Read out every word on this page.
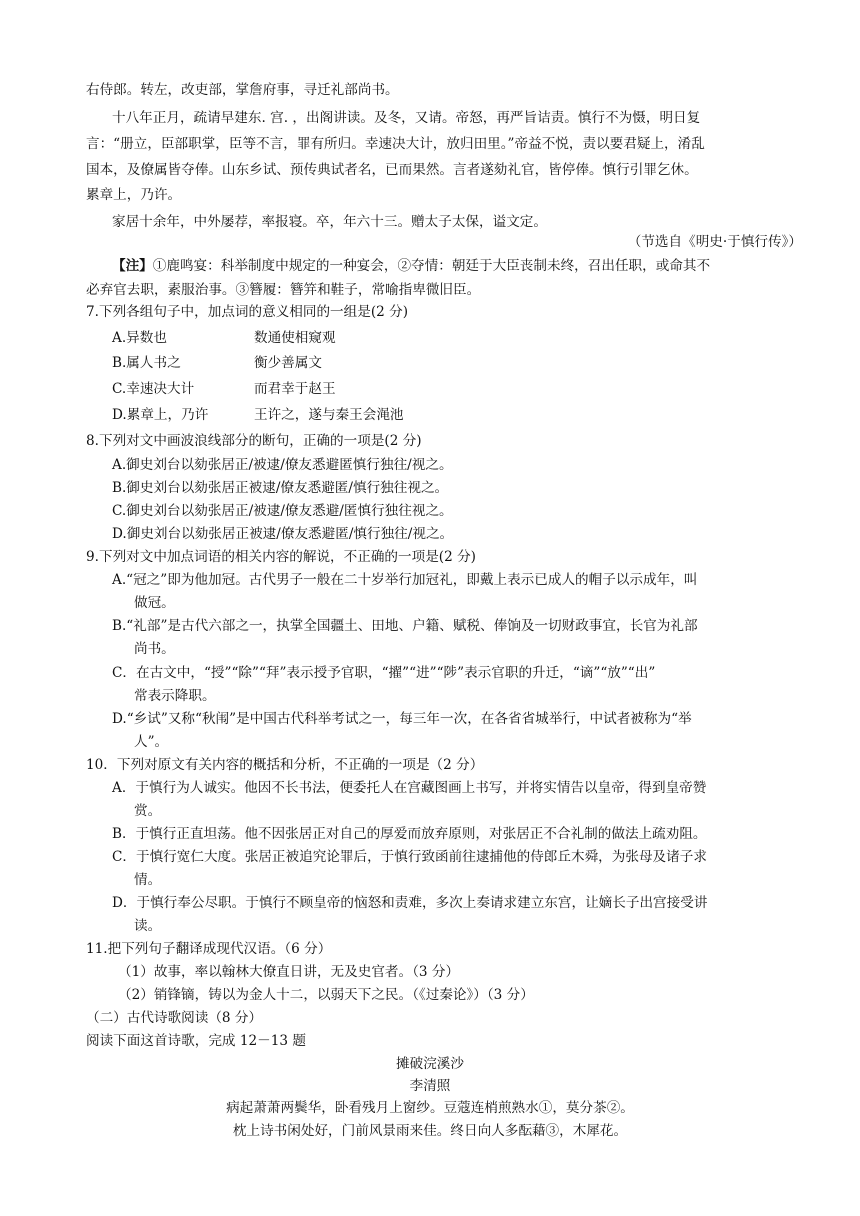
右侍郎。转左，改吏部，掌詹府事，寻迁礼部尚书。
十八年正月，疏请早建东. 宫. ，出阁讲读。及冬，又请。帝怒，再严旨诘责。慎行不为慑，明日复
言：“册立，臣部职掌，臣等不言，罪有所归。幸速决大计，放归田里。”帝益不悦，责以要君疑上，淆乱
国本，及僚属皆夺俸。山东乡试、预传典试者名，已而果然。言者遂劾礼官，皆停俸。慎行引罪乞休。
累章上，乃许。
家居十余年，中外屡荐，率报寝。卒，年六十三。赠太子太保，谥文定。
（节选自《明史·于慎行传》）
【注】①鹿鸣宴：科举制度中规定的一种宴会，②夺情：朝廷于大臣丧制未终，召出任职，或命其不
必弃官去职，素服治事。③簪履：簪笄和鞋子，常喻指卑微旧臣。
7.下列各组句子中，加点词的意义相同的一组是(2 分)
A.异数也	数通使相窥观
B.属人书之	衡少善属文
C.幸速决大计	而君幸于赵王
D.累章上，乃许	王许之，遂与秦王会渑池
8.下列对文中画波浪线部分的断句，正确的一项是(2 分)
A.御史刘台以劾张居正/被逮/僚友悉避匿慎行独往/视之。
B.御史刘台以劾张居正被逮/僚友悉避匿/慎行独往视之。
C.御史刘台以劾张居正/被逮/僚友悉避/匿慎行独往视之。
D.御史刘台以劾张居正被逮/僚友悉避匿/慎行独往/视之。
9.下列对文中加点词语的相关内容的解说，不正确的一项是(2 分)
A.“冠之”即为他加冠。古代男子一般在二十岁举行加冠礼，即戴上表示已成人的帽子以示成年，叫
做冠。
B.“礼部”是古代六部之一，执掌全国疆土、田地、户籍、赋税、俸饷及一切财政事宜，长官为礼部
尚书。
C．在古文中，“授”“除”“拜”表示授予官职，“擢”“进”“陟”表示官职的升迁，“谪”“放”“出”
常表示降职。
D.“乡试”又称“秋闱”是中国古代科举考试之一，每三年一次，在各省省城举行，中试者被称为“举
人”。
10．下列对原文有关内容的概括和分析，不正确的一项是（2 分）
A．于慎行为人诚实。他因不长书法，便委托人在宫藏图画上书写，并将实情告以皇帝，得到皇帝赞
赏。
B．于慎行正直坦荡。他不因张居正对自己的厚爱而放弃原则，对张居正不合礼制的做法上疏劝阻。
C．于慎行宽仁大度。张居正被追究论罪后，于慎行致函前往逮捕他的侍郎丘木舜，为张母及诸子求
情。
D．于慎行奉公尽职。于慎行不顾皇帝的恼怒和责难，多次上奏请求建立东宫，让嫡长子出宫接受讲
读。
11.把下列句子翻译成现代汉语。（6 分）
（1）故事，率以翰林大僚直日讲，无及史官者。（3 分）
（2）销锋镝，铸以为金人十二，以弱天下之民。（《过秦论》）（3 分）
（二）古代诗歌阅读（8 分）
阅读下面这首诗歌，完成 12－13 题
摊破浣溪沙
李清照
病起萧萧两鬓华，卧看残月上窗纱。豆蔻连梢煎熟水①，莫分茶②。
枕上诗书闲处好，门前风景雨来佳。终日向人多酝藉③，木犀花。
